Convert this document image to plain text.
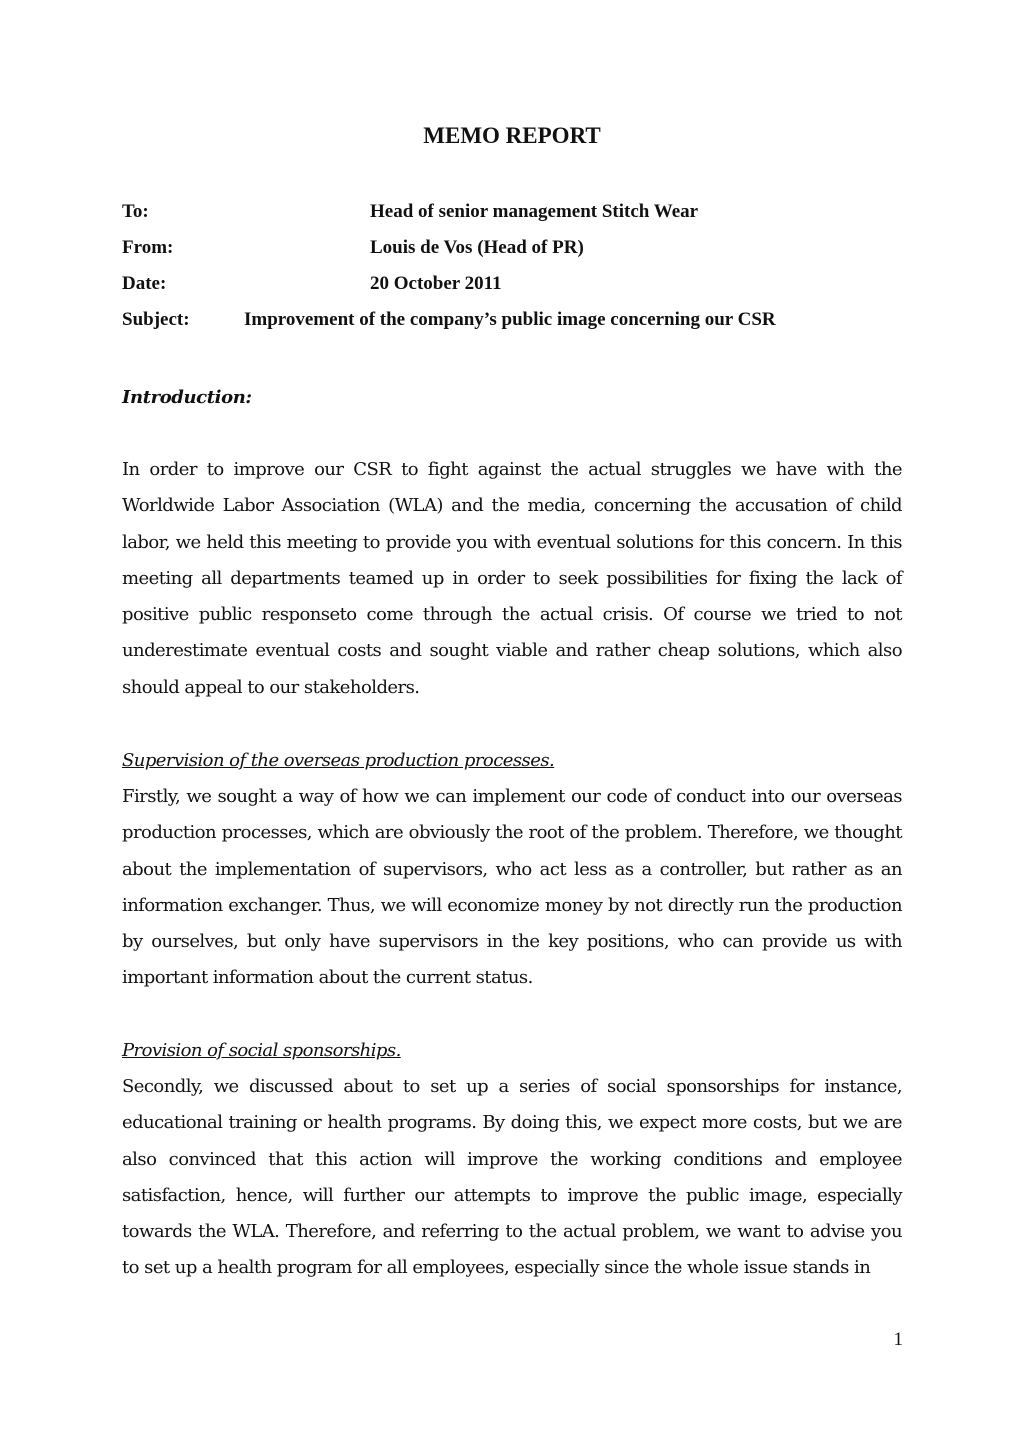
MEMO REPORT
To:	Head of senior management Stitch Wear
From:	Louis de Vos (Head of PR)
Date:	20 October 2011
Subject:	Improvement of the company’s public image concerning our CSR

Introduction:

In order to improve our CSR to fight against the actual struggles we have with the Worldwide Labor Association (WLA) and the media, concerning the accusation of child labor, we held this meeting to provide you with eventual solutions for this concern. In this meeting all departments teamed up in order to seek possibilities for fixing the lack of positive public responseto come through the actual crisis. Of course we tried to not underestimate eventual costs and sought viable and rather cheap solutions, which also should appeal to our stakeholders.

Supervision of the overseas production processes.

Firstly, we sought a way of how we can implement our code of conduct into our overseas production processes, which are obviously the root of the problem. Therefore, we thought about the implementation of supervisors, who act less as a controller, but rather as an information exchanger. Thus, we will economize money by not directly run the production by ourselves, but only have supervisors in the key positions, who can provide us with important information about the current status.

Provision of social sponsorships.

Secondly, we discussed about to set up a series of social sponsorships for instance, educational training or health programs. By doing this, we expect more costs, but we are also convinced that this action will improve the working conditions and employee satisfaction, hence, will further our attempts to improve the public image, especially towards the WLA. Therefore, and referring to the actual problem, we want to advise you to set up a health program for all employees, especially since the whole issue stands in

1
